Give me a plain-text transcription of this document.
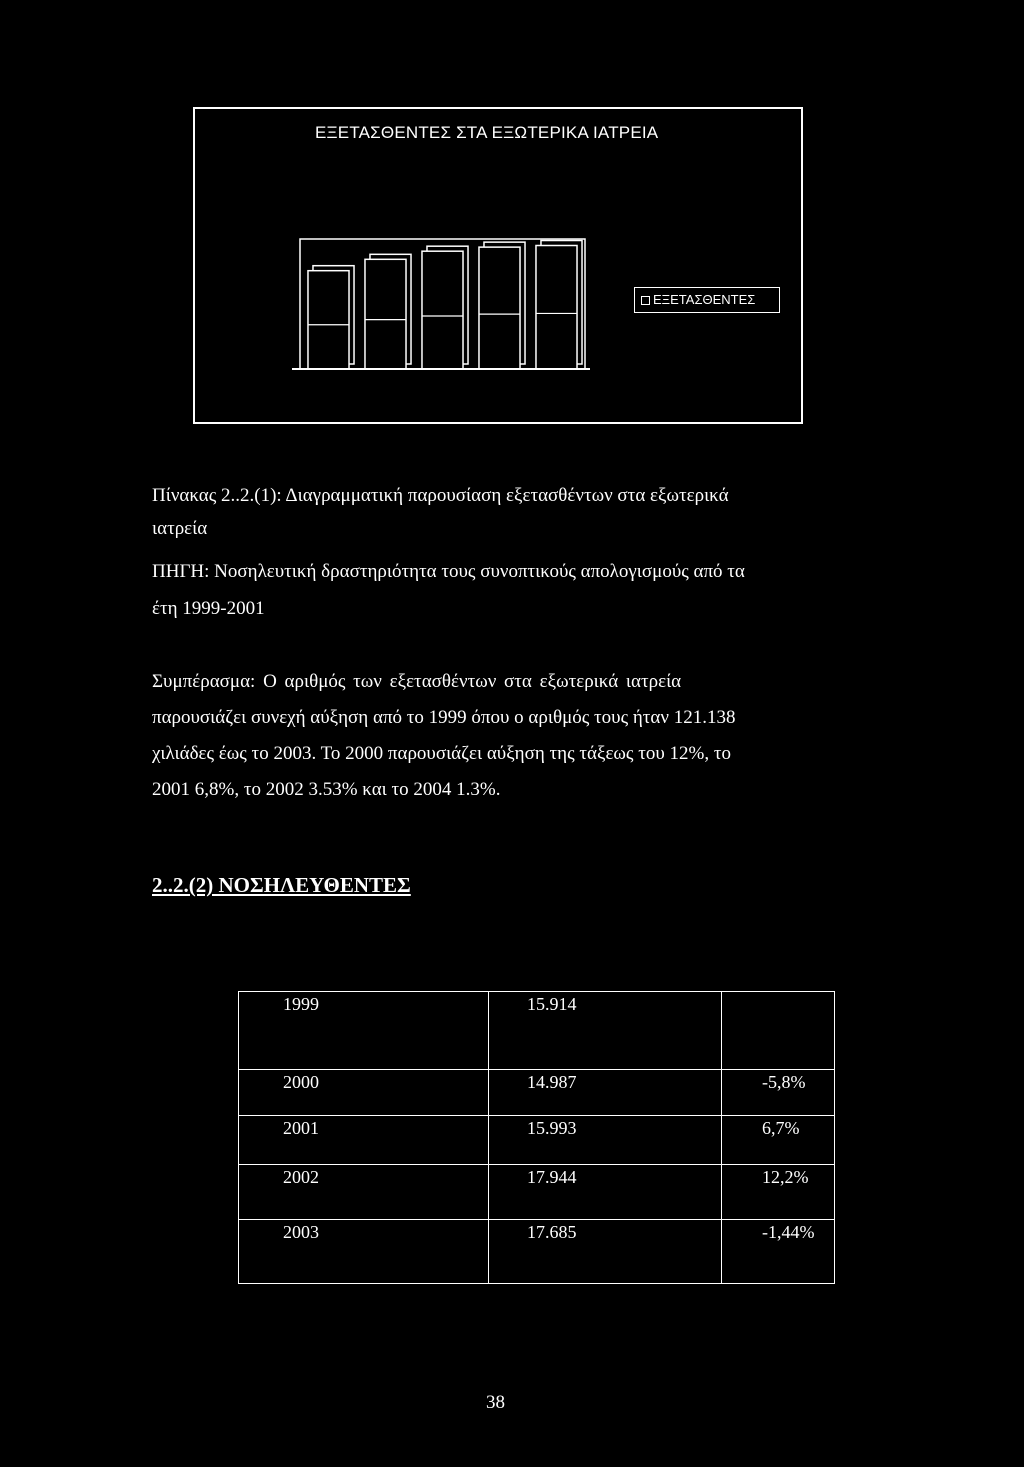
ΕΞΕΤΑΣΘΕΝΤΕΣ ΣΤΑ ΕΞΩΤΕΡΙΚΑ ΙΑΤΡΕΙΑ
ΕΞΕΤΑΣΘΕΝΤΕΣ
Πίνακας 2..2.(1): Διαγραμματική παρουσίαση εξετασθέντων στα εξωτερικά
ιατρεία
ΠΗΓΗ: Νοσηλευτική δραστηριότητα τους συνοπτικούς απολογισμούς από τα
έτη 1999-2001
Συμπέρασμα: Ο αριθμός των εξετασθέντων στα εξωτερικά ιατρεία
παρουσιάζει συνεχή αύξηση από το 1999 όπου ο αριθμός τους ήταν 121.138
χιλιάδες έως το 2003. Το 2000 παρουσιάζει αύξηση της τάξεως του 12%, το
2001 6,8%, το 2002 3.53% και το 2004 1.3%.
2..2.(2) ΝΟΣΗΛΕΥΘΕΝΤΕΣ
1999	15.914	
2000	14.987	-5,8%
2001	15.993	6,7%
2002	17.944	12,2%
2003	17.685	-1,44%
38
